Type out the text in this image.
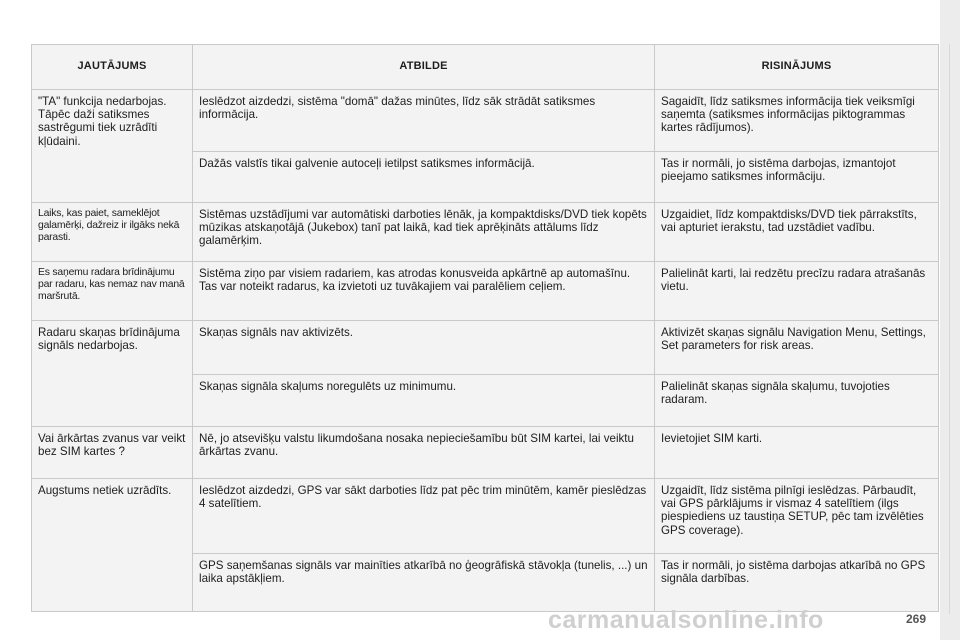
JAUTĀJUMS	ATBILDE	RISINĀJUMS
"TA" funkcija nedarbojas. Tāpēc daži satiksmes sastrēgumi tiek uzrādīti kļūdaini.	Ieslēdzot aizdedzi, sistēma "domā" dažas minūtes, līdz sāk strādāt satiksmes informācija.	Sagaidīt, līdz satiksmes informācija tiek veiksmīgi saņemta (satiksmes informācijas piktogrammas kartes rādījumos).
	Dažās valstīs tikai galvenie autoceļi ietilpst satiksmes informācijā.	Tas ir normāli, jo sistēma darbojas, izmantojot pieejamo satiksmes informāciju.
Laiks, kas paiet, sameklējot galamērķi, dažreiz ir ilgāks nekā parasti.	Sistēmas uzstādījumi var automātiski darboties lēnāk, ja kompaktdisks/DVD tiek kopēts mūzikas atskaņotājā (Jukebox) tanī pat laikā, kad tiek aprēķināts attālums līdz galamērķim.	Uzgaidiet, līdz kompaktdisks/DVD tiek pārrakstīts, vai apturiet ierakstu, tad uzstādiet vadību.
Es saņemu radara brīdinājumu par radaru, kas nemaz nav manā maršrutā.	Sistēma ziņo par visiem radariem, kas atrodas konusveida apkārtnē ap automašīnu. Tas var noteikt radarus, ka izvietoti uz tuvākajiem vai paralēliem ceļiem.	Palielināt karti, lai redzētu precīzu radara atrašanās vietu.
Radaru skaņas brīdinājuma signāls nedarbojas.	Skaņas signāls nav aktivizēts.	Aktivizēt skaņas signālu Navigation Menu, Settings, Set parameters for risk areas.
	Skaņas signāla skaļums noregulēts uz minimumu.	Palielināt skaņas signāla skaļumu, tuvojoties radaram.
Vai ārkārtas zvanus var veikt bez SIM kartes ?	Nē, jo atsevišķu valstu likumdošana nosaka nepieciešamību būt SIM kartei, lai veiktu ārkārtas zvanu.	Ievietojiet SIM karti.
Augstums netiek uzrādīts.	Ieslēdzot aizdedzi, GPS var sākt darboties līdz pat pēc trim minūtēm, kamēr pieslēdzas 4 satelītiem.	Uzgaidīt, līdz sistēma pilnīgi ieslēdzas. Pārbaudīt, vai GPS pārklājums ir vismaz 4 satelītiem (ilgs piespiediens uz taustiņa SETUP, pēc tam izvēlēties GPS coverage).
	GPS saņemšanas signāls var mainīties atkarībā no ģeogrāfiskā stāvokļa (tunelis, ...) un laika apstākļiem.	Tas ir normāli, jo sistēma darbojas atkarībā no GPS signāla darbības.
carmanualsonline.info	269
